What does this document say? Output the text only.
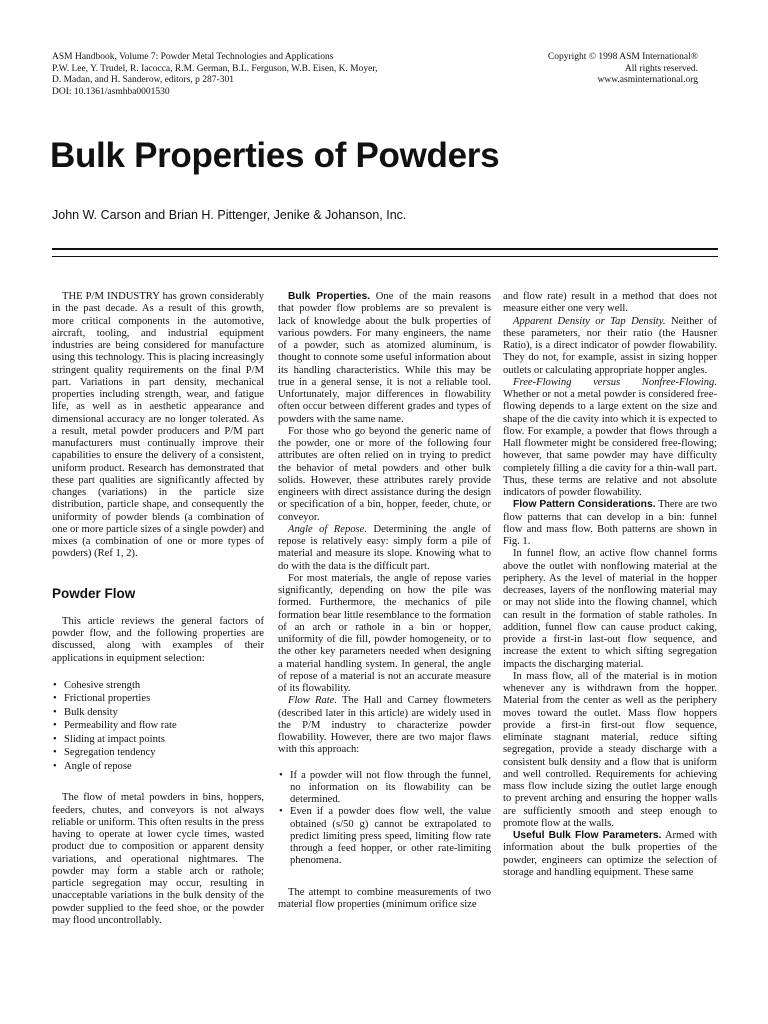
ASM Handbook, Volume 7: Powder Metal Technologies and Applications
P.W. Lee, Y. Trudel, R. Iacocca, R.M. German, B.L. Ferguson, W.B. Eisen, K. Moyer,
D. Madan, and H. Sanderow, editors, p 287-301
DOI: 10.1361/asmhba0001530
Copyright © 1998 ASM International®
All rights reserved.
www.asminternational.org
Bulk Properties of Powders

John W. Carson and Brian H. Pittenger, Jenike & Johanson, Inc.

THE P/M INDUSTRY has grown considerably in the past decade. As a result of this growth, more critical components in the automotive, aircraft, tooling, and industrial equipment industries are being considered for manufacture using this technology. This is placing increasingly stringent quality requirements on the final P/M part. Variations in part density, mechanical properties including strength, wear, and fatigue life, as well as in aesthetic appearance and dimensional accuracy are no longer tolerated. As a result, metal powder producers and P/M part manufacturers must continually improve their capabilities to ensure the delivery of a consistent, uniform product. Research has demonstrated that these part qualities are significantly affected by changes (variations) in the particle size distribution, particle shape, and consequently the uniformity of powder blends (a combination of one or more particle sizes of a single powder) and mixes (a combination of one or more types of powders) (Ref 1, 2).

Powder Flow

This article reviews the general factors of powder flow, and the following properties are discussed, along with examples of their applications in equipment selection:

• Cohesive strength
• Frictional properties
• Bulk density
• Permeability and flow rate
• Sliding at impact points
• Segregation tendency
• Angle of repose

The flow of metal powders in bins, hoppers, feeders, chutes, and conveyors is not always reliable or uniform. This often results in the press having to operate at lower cycle times, wasted product due to composition or apparent density variations, and operational nightmares. The powder may form a stable arch or rathole; particle segregation may occur, resulting in unacceptable variations in the bulk density of the powder supplied to the feed shoe, or the powder may flood uncontrollably.

Bulk Properties. One of the main reasons that powder flow problems are so prevalent is lack of knowledge about the bulk properties of various powders. For many engineers, the name of a powder, such as atomized aluminum, is thought to connote some useful information about its handling characteristics. While this may be true in a general sense, it is not a reliable tool. Unfortunately, major differences in flowability often occur between different grades and types of powders with the same name.

For those who go beyond the generic name of the powder, one or more of the following four attributes are often relied on in trying to predict the behavior of metal powders and other bulk solids. However, these attributes rarely provide engineers with direct assistance during the design or specification of a bin, hopper, feeder, chute, or conveyor.

Angle of Repose. Determining the angle of repose is relatively easy: simply form a pile of material and measure its slope. Knowing what to do with the data is the difficult part.

For most materials, the angle of repose varies significantly, depending on how the pile was formed. Furthermore, the mechanics of pile formation bear little resemblance to the formation of an arch or rathole in a bin or hopper, uniformity of die fill, powder homogeneity, or to the other key parameters needed when designing a material handling system. In general, the angle of repose of a material is not an accurate measure of its flowability.

Flow Rate. The Hall and Carney flowmeters (described later in this article) are widely used in the P/M industry to characterize powder flowability. However, there are two major flaws with this approach:

• If a powder will not flow through the funnel, no information on its flowability can be determined.
• Even if a powder does flow well, the value obtained (s/50 g) cannot be extrapolated to predict limiting press speed, limiting flow rate through a feed hopper, or other rate-limiting phenomena.

The attempt to combine measurements of two material flow properties (minimum orifice size

and flow rate) result in a method that does not measure either one very well.

Apparent Density or Tap Density. Neither of these parameters, nor their ratio (the Hausner Ratio), is a direct indicator of powder flowability. They do not, for example, assist in sizing hopper outlets or calculating appropriate hopper angles.

Free-Flowing versus Nonfree-Flowing. Whether or not a metal powder is considered free-flowing depends to a large extent on the size and shape of the die cavity into which it is expected to flow. For example, a powder that flows through a Hall flowmeter might be considered free-flowing; however, that same powder may have difficulty completely filling a die cavity for a thin-wall part. Thus, these terms are relative and not absolute indicators of powder flowability.

Flow Pattern Considerations. There are two flow patterns that can develop in a bin: funnel flow and mass flow. Both patterns are shown in Fig. 1.

In funnel flow, an active flow channel forms above the outlet with nonflowing material at the periphery. As the level of material in the hopper decreases, layers of the nonflowing material may or may not slide into the flowing channel, which can result in the formation of stable ratholes. In addition, funnel flow can cause product caking, provide a first-in last-out flow sequence, and increase the extent to which sifting segregation impacts the discharging material.

In mass flow, all of the material is in motion whenever any is withdrawn from the hopper. Material from the center as well as the periphery moves toward the outlet. Mass flow hoppers provide a first-in first-out flow sequence, eliminate stagnant material, reduce sifting segregation, provide a steady discharge with a consistent bulk density and a flow that is uniform and well controlled. Requirements for achieving mass flow include sizing the outlet large enough to prevent arching and ensuring the hopper walls are sufficiently smooth and steep enough to promote flow at the walls.

Useful Bulk Flow Parameters. Armed with information about the bulk properties of the powder, engineers can optimize the selection of storage and handling equipment. These same
